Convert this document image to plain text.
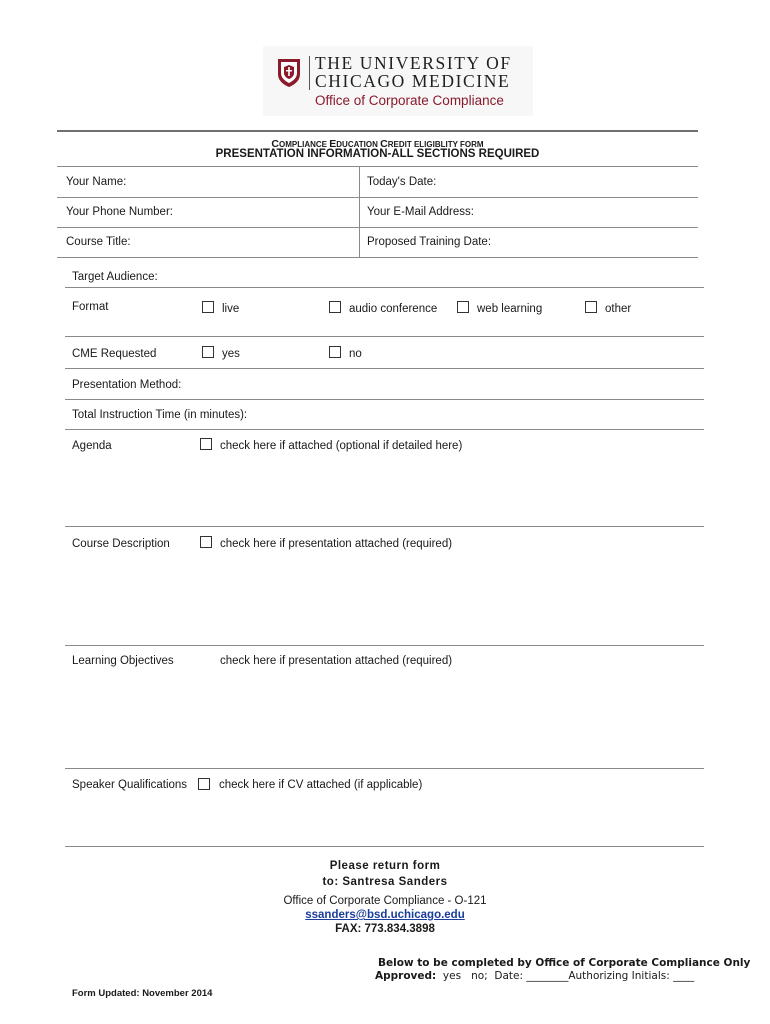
THE UNIVERSITY OF
CHICAGO MEDICINE
Office of Corporate Compliance
COMPLIANCE EDUCATION CREDIT ELIGIBLITY FORM
PRESENTATION INFORMATION-ALL SECTIONS REQUIRED
Your Name:	Today's Date:
Your Phone Number:	Your E-Mail Address:
Course Title:	Proposed Training Date:
Target Audience:
Format	live	audio conference	web learning	other
CME Requested	yes	no
Presentation Method:
Total Instruction Time (in minutes):
Agenda	check here if attached (optional if detailed here)
Course Description	check here if presentation attached (required)
Learning Objectives	check here if presentation attached (required)
Speaker Qualifications	check here if CV attached (if applicable)
Please return form
to: Santresa Sanders
Office of Corporate Compliance - O-121
ssanders@bsd.uchicago.edu
FAX: 773.834.3898
Below to be completed by Office of Corporate Compliance Only
Approved:  yes   no;  Date: ________Authorizing Initials: ____
Form Updated: November 2014
